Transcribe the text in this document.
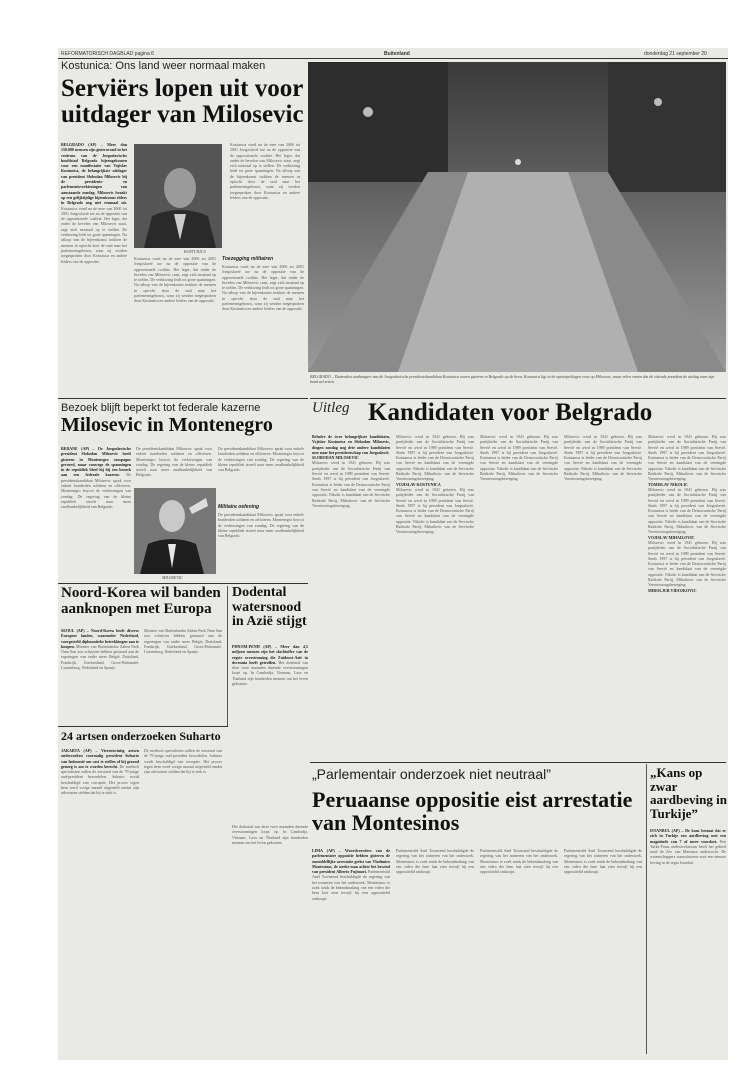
REFORMATORISCH DAGBLAD pagina 6	Buitenland	donderdag 21 september 20
Kostunica: Ons land weer normaal maken
Serviërs lopen uit voor uitdager van Milosevic
BELGRADO (AP) – Meer dan 150.000 mensen zijn gisteravond in het centrum van de Joegoslavische hoofdstad Belgrado bijeengekomen voor een manifestatie van Vojislav Kostunica, de belangrijkste uitdager van president Slobodan Milosevic bij de presidents- en parlementsverkiezingen van aanstaande zondag. Milosevic braakt op een gelijktijdige bijeenkomst elders in Belgrado nog niet eenmaal uit. Kostunica vond na de mee van 2000 tot 2001 Joegoslavië toe na de oppositie van de oppositionele coalitie. Het leger, dat onder de bevelen van Milosevic staat, zegt zich neutraal op te stellen. De verkiezing leidt tot grote spanningen. Na afloop van de bijeenkomst trokken de mensen in optocht door de stad naar het parlementsgebouw, waar zij werden toegesproken door Kostunica en andere leiders van de oppositie.
KOSTUNICA
Kostunica vond na de mee van 2000 tot 2001 Joegoslavië toe na de oppositie van de oppositionele coalitie. Het leger, dat onder de bevelen van Milosevic staat, zegt zich neutraal op te stellen. De verkiezing leidt tot grote spanningen. Na afloop van de bijeenkomst trokken de mensen in optocht door de stad naar het parlementsgebouw, waar zij werden toegesproken door Kostunica en andere leiders van de oppositie.
Kostunica vond na de mee van 2000 tot 2001 Joegoslavië toe na de oppositie van de oppositionele coalitie. Het leger, dat onder de bevelen van Milosevic staat, zegt zich neutraal op te stellen. De verkiezing leidt tot grote spanningen. Na afloop van de bijeenkomst trokken de mensen in optocht door de stad naar het parlementsgebouw, waar zij werden toegesproken door Kostunica en andere leiders van de oppositie.
Toezegging militairen
Kostunica vond na de mee van 2000 tot 2001 Joegoslavië toe na de oppositie van de oppositionele coalitie. Het leger, dat onder de bevelen van Milosevic staat, zegt zich neutraal op te stellen. De verkiezing leidt tot grote spanningen. Na afloop van de bijeenkomst trokken de mensen in optocht door de stad naar het parlementsgebouw, waar zij werden toegesproken door Kostunica en andere leiders van de oppositie.
BELGRADO – Duizenden aanhangers van de Joegoslavische presidentskandidaat Kostunica waren gisteren in Belgrado op de been. Kostunica ligt in de opiniepeilingen voor op Milosevic, maar velen vrezen dat de zittende president de uitslag naar zijn hand zal zetten.
Bezoek blijft beperkt tot federale kazerne
Milosevic in Montenegro
BERANE (AP) – De Joegoslavische president Slobodan Milosevic heeft gisteren in Montenegro campagne gevoerd, maar vanwege de spanningen in de republiek bleef hij bij een bezoek aan een federale kazerne. De presidentskandidaat Milosevic sprak voor enkele honderden soldaten en officieren. Montenegro boycot de verkiezingen van zondag. De regering van de kleine republiek streeft naar meer onafhankelijkheid van Belgrado.
De presidentskandidaat Milosevic sprak voor enkele honderden soldaten en officieren. Montenegro boycot de verkiezingen van zondag. De regering van de kleine republiek streeft naar meer onafhankelijkheid van Belgrado.
De presidentskandidaat Milosevic sprak voor enkele honderden soldaten en officieren. Montenegro boycot de verkiezingen van zondag. De regering van de kleine republiek streeft naar meer onafhankelijkheid van Belgrado.
Militaire oefening
De presidentskandidaat Milosevic sprak voor enkele honderden soldaten en officieren. Montenegro boycot de verkiezingen van zondag. De regering van de kleine republiek streeft naar meer onafhankelijkheid van Belgrado.
MILOSEVIC
Noord-Korea wil banden aanknopen met Europa
SEOUL (AP) – Noord-Korea heeft diverse Europese landen, waaronder Nederland, voorgesteld diplomatieke betrekkingen aan te knopen. Minister van Buitenlandse Zaken Paek Nam Sun zou schrijven hebben gestuurd aan de regeringen van onder meer België, Duitsland, Frankrijk, Griekenland, Groot-Brittannië, Luxemburg, Nederland en Spanje.
Minister van Buitenlandse Zaken Paek Nam Sun zou schrijven hebben gestuurd aan de regeringen van onder meer België, Duitsland, Frankrijk, Griekenland, Groot-Brittannië, Luxemburg, Nederland en Spanje.
Dodental watersnood in Azië stijgt
PHNOM-PENH (AP) – Meer dan 4,5 miljoen mensen zijn het slachtoffer van de ergste overstroming die Zuidoost-Azië in decennia heeft getroffen. Het dodental van deze twee maanden durende overstromingen loopt op. In Cambodja, Vietnam, Laos en Thailand zijn honderden mensen om het leven gekomen.
24 artsen onderzoeken Suharto
JAKARTA (AP) – Vierentwintig artsen onderzoeken voormalig president Suharto van Indonesië om vast te stellen of hij gezond genoeg is om te worden berecht. De medisch specialisten zullen de toestand van de 79-jarige oud-president beoordelen. Suharto wordt beschuldigd van corruptie. Het proces tegen hem werd vorige maand uitgesteld omdat zijn advocaten stelden dat hij te ziek is.
De medisch specialisten zullen de toestand van de 79-jarige oud-president beoordelen. Suharto wordt beschuldigd van corruptie. Het proces tegen hem werd vorige maand uitgesteld omdat zijn advocaten stelden dat hij te ziek is.
Het dodental van deze twee maanden durende overstromingen loopt op. In Cambodja, Vietnam, Laos en Thailand zijn honderden mensen om het leven gekomen.
Uitleg Kandidaten voor Belgrado
Behalve de twee belangrijkste kandidaten, Vojislav Kostunica en Slobodan Milosevic, dingen zondag nog drie andere kandidaten mee naar het presidentschap van Joegoslavië.
SLOBODAN MILOSEVIC
Milosevic werd in 1941 geboren. Hij was partijleider van de Socialistische Partij van Servië en werd in 1989 president van Servië. Sinds 1997 is hij president van Joegoslavië. Kostunica is leider van de Democratische Partij van Servië en kandidaat van de verenigde oppositie. Nikolic is kandidaat van de Servische Radicale Partij, Mihailovic van de Servische Vernieuwingsbeweging.
Milosevic werd in 1941 geboren. Hij was partijleider van de Socialistische Partij van Servië en werd in 1989 president van Servië. Sinds 1997 is hij president van Joegoslavië. Kostunica is leider van de Democratische Partij van Servië en kandidaat van de verenigde oppositie. Nikolic is kandidaat van de Servische Radicale Partij, Mihailovic van de Servische Vernieuwingsbeweging.
VOJISLAV KOSTUNICA
Milosevic werd in 1941 geboren. Hij was partijleider van de Socialistische Partij van Servië en werd in 1989 president van Servië. Sinds 1997 is hij president van Joegoslavië. Kostunica is leider van de Democratische Partij van Servië en kandidaat van de verenigde oppositie. Nikolic is kandidaat van de Servische Radicale Partij, Mihailovic van de Servische Vernieuwingsbeweging.
Milosevic werd in 1941 geboren. Hij was partijleider van de Socialistische Partij van Servië en werd in 1989 president van Servië. Sinds 1997 is hij president van Joegoslavië. Kostunica is leider van de Democratische Partij van Servië en kandidaat van de verenigde oppositie. Nikolic is kandidaat van de Servische Radicale Partij, Mihailovic van de Servische Vernieuwingsbeweging.
Milosevic werd in 1941 geboren. Hij was partijleider van de Socialistische Partij van Servië en werd in 1989 president van Servië. Sinds 1997 is hij president van Joegoslavië. Kostunica is leider van de Democratische Partij van Servië en kandidaat van de verenigde oppositie. Nikolic is kandidaat van de Servische Radicale Partij, Mihailovic van de Servische Vernieuwingsbeweging.
Milosevic werd in 1941 geboren. Hij was partijleider van de Socialistische Partij van Servië en werd in 1989 president van Servië. Sinds 1997 is hij president van Joegoslavië. Kostunica is leider van de Democratische Partij van Servië en kandidaat van de verenigde oppositie. Nikolic is kandidaat van de Servische Radicale Partij, Mihailovic van de Servische Vernieuwingsbeweging.
TOMISLAV NIKOLIC
Milosevic werd in 1941 geboren. Hij was partijleider van de Socialistische Partij van Servië en werd in 1989 president van Servië. Sinds 1997 is hij president van Joegoslavië. Kostunica is leider van de Democratische Partij van Servië en kandidaat van de verenigde oppositie. Nikolic is kandidaat van de Servische Radicale Partij, Mihailovic van de Servische Vernieuwingsbeweging.
VOJISLAV MIHAILOVIC
Milosevic werd in 1941 geboren. Hij was partijleider van de Socialistische Partij van Servië en werd in 1989 president van Servië. Sinds 1997 is hij president van Joegoslavië. Kostunica is leider van de Democratische Partij van Servië en kandidaat van de verenigde oppositie. Nikolic is kandidaat van de Servische Radicale Partij, Mihailovic van de Servische Vernieuwingsbeweging.
MIROLJUB VIDOJKOVIC
„Parlementair onderzoek niet neutraal”
Peruaanse oppositie eist arrestatie van Montesinos
LIMA (AP) – Woordvoerders van de parlementaire oppositie hebben gisteren de onmiddellijke arrestatie geëist van Vladimiro Montesinos, de sterke man achter het bewind van president Alberto Fujimori. Parlementslid Anel Townsend beschuldigde de regering van het traineren van het onderzoek. Montesinos is zoek sinds de bekendmaking van een video die hem laat zien terwijl hij een oppositielid omkoopt.
Parlementslid Anel Townsend beschuldigde de regering van het traineren van het onderzoek. Montesinos is zoek sinds de bekendmaking van een video die hem laat zien terwijl hij een oppositielid omkoopt.
Parlementslid Anel Townsend beschuldigde de regering van het traineren van het onderzoek. Montesinos is zoek sinds de bekendmaking van een video die hem laat zien terwijl hij een oppositielid omkoopt.
Parlementslid Anel Townsend beschuldigde de regering van het traineren van het onderzoek. Montesinos is zoek sinds de bekendmaking van een video die hem laat zien terwijl hij een oppositielid omkoopt.
„Kans op zwar aardbeving in Turkije”
ISTANBUL (AP) – De kans bestaat dat er zich in Turkije een aardbeving met een magnitude van 7 of meer voordoet. Een Turks-Frans onderzoeksteam heeft het gebied rond de Zee van Marmara onderzocht. De wetenschappers waarschuwen voor een nieuwe beving in de regio Istanbul.
